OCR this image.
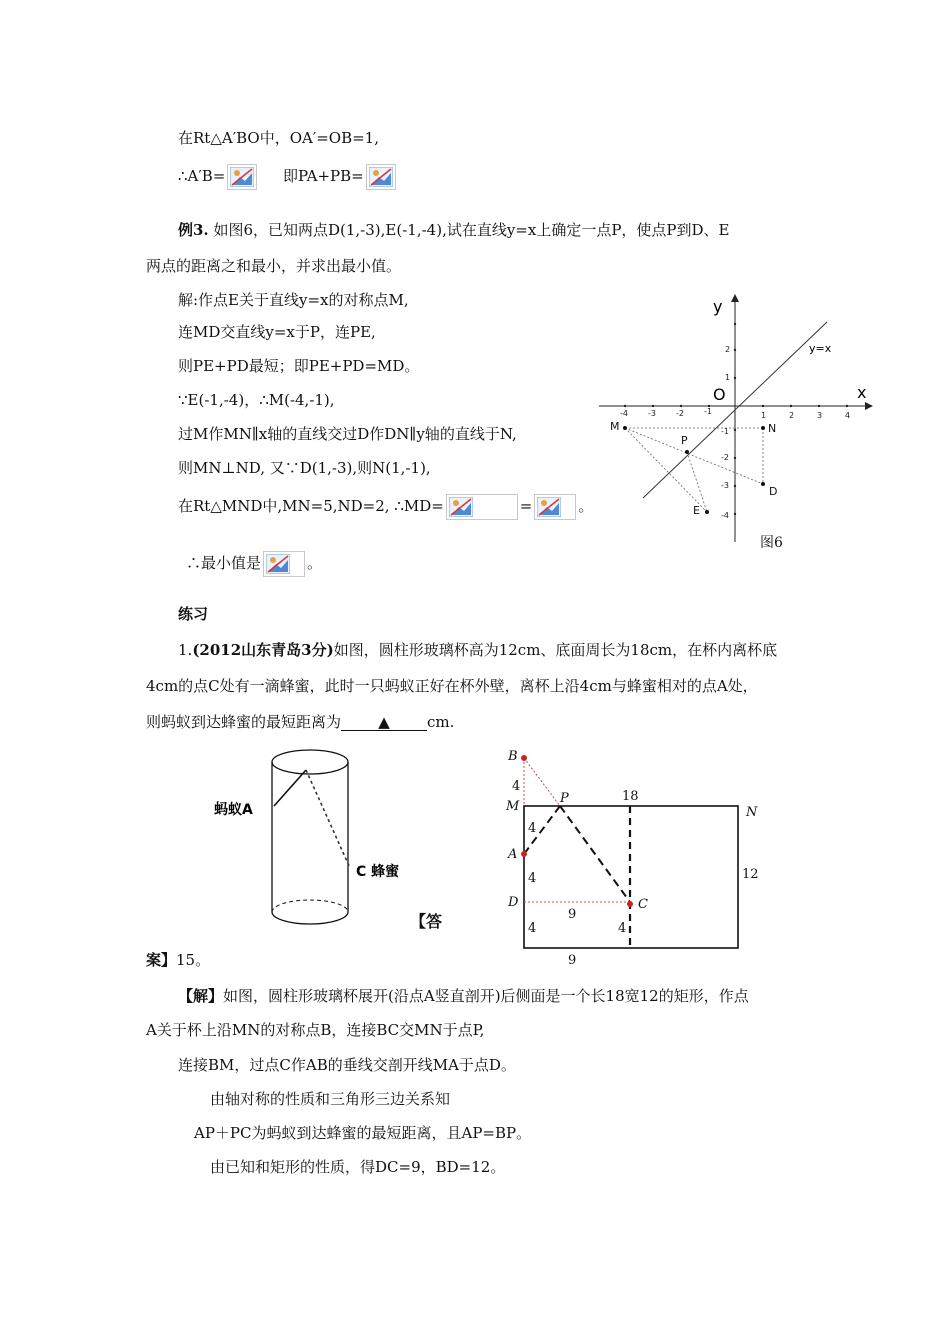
在Rt△A′BO中，OA′=OB=1,
∴A′B=	即PA+PB=
例3. 如图6，已知两点D(1,-3),E(-1,-4),试在直线y=x上确定一点P，使点P到D、E
两点的距离之和最小，并求出最小值。
解:作点E关于直线y=x的对称点M,
连MD交直线y=x于P，连PE,
则PE+PD最短；即PE+PD=MD。
∵E(-1,-4)，∴M(-4,-1),
过M作MN∥x轴的直线交过D作DN∥y轴的直线于N,
则MN⊥ND, 又∵D(1,-3),则N(1,-1),
在Rt△MND中,MN=5,ND=2, ∴MD=	=	。
∴最小值是	。
x
y
O
y=x
-4	-3	-2	-1	1	2	3	4
2
1
-1
-2
-3
-4
M	N
P
D
E
图6
练习
1.(2012山东青岛3分)如图，圆柱形玻璃杯高为12cm、底面周长为18cm，在杯内离杯底
4cm的点C处有一滴蜂蜜，此时一只蚂蚁正好在杯外壁，离杯上沿4cm与蜂蜜相对的点A处，
则蚂蚁到达蜂蜜的最短距离为 ▲ cm.
蚂蚁A
C 蜂蜜
【答
案】15。
B
M
P
N
A
D	C
18
12
9
9
4
4
4
4	4
【解】如图，圆柱形玻璃杯展开(沿点A竖直剖开)后侧面是一个长18宽12的矩形，作点
A关于杯上沿MN的对称点B，连接BC交MN于点P,
连接BM，过点C作AB的垂线交剖开线MA于点D。
由轴对称的性质和三角形三边关系知
AP＋PC为蚂蚁到达蜂蜜的最短距离，且AP=BP。
由已知和矩形的性质，得DC=9，BD=12。
